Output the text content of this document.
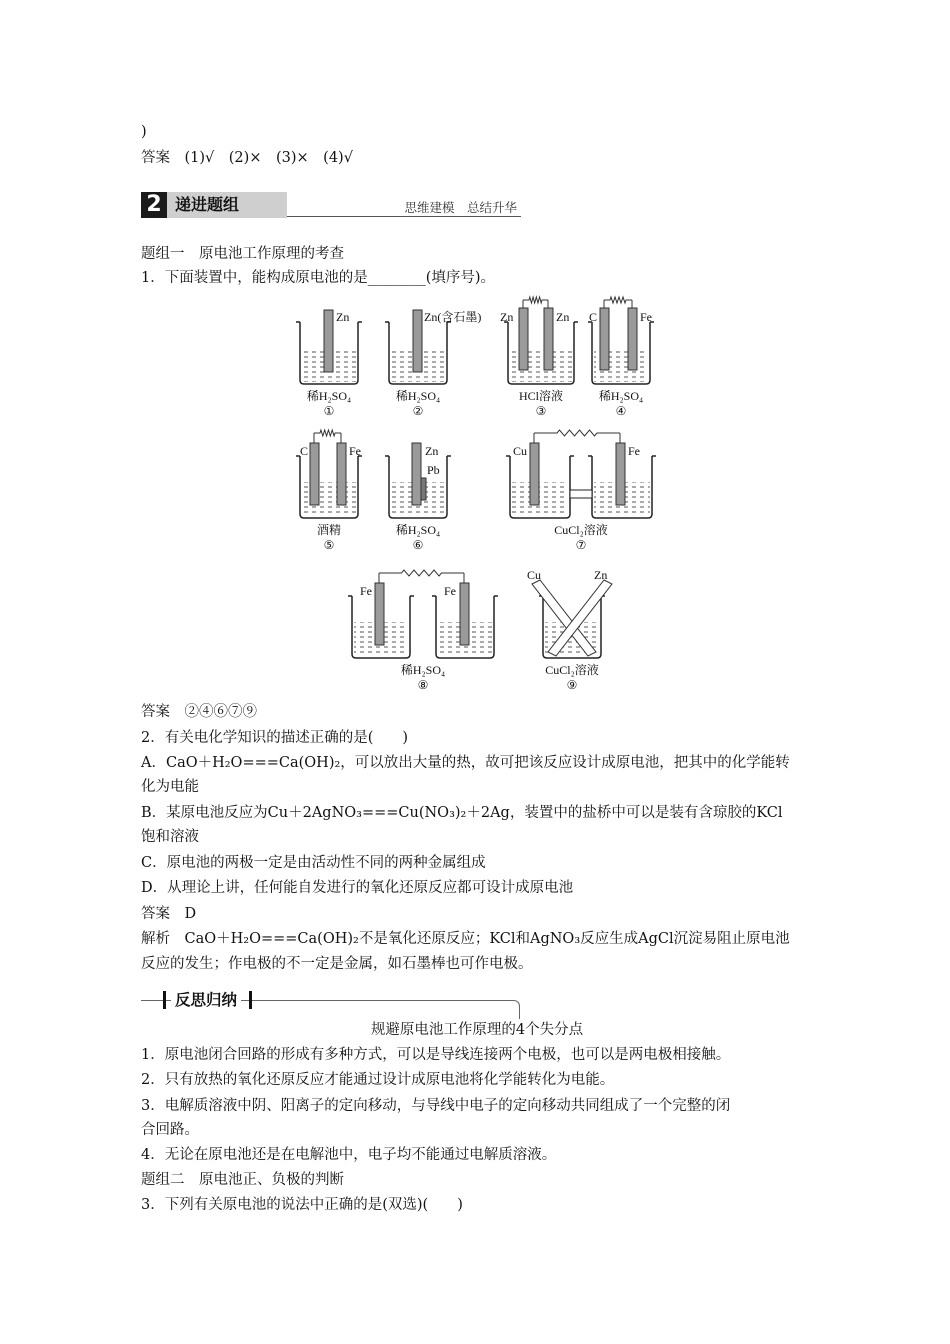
)
答案　(1)√　(2)×　(3)×　(4)√
2 递进题组	思维建模　总结升华
题组一　原电池工作原理的考查
1．下面装置中，能构成原电池的是________(填序号)。
Zn
稀H₂SO₄
①
Zn(含石墨)
稀H₂SO₄
②
Zn	Zn
HCl溶液
③
C	Fe
稀H₂SO₄
④
C	Fe
酒精
⑤
Zn
Pb
稀H₂SO₄
⑥
Cu	Fe
CuCl₂溶液
⑦
Fe	Fe
稀H₂SO₄
⑧
Cu	Zn
CuCl₂溶液
⑨
答案　②④⑥⑦⑨
2．有关电化学知识的描述正确的是(　　)
A．CaO＋H₂O===Ca(OH)₂，可以放出大量的热，故可把该反应设计成原电池，把其中的化学能转
化为电能
B．某原电池反应为Cu＋2AgNO₃===Cu(NO₃)₂＋2Ag，装置中的盐桥中可以是装有含琼胶的KCl
饱和溶液
C．原电池的两极一定是由活动性不同的两种金属组成
D．从理论上讲，任何能自发进行的氧化还原反应都可设计成原电池
答案　D
解析　CaO＋H₂O===Ca(OH)₂不是氧化还原反应；KCl和AgNO₃反应生成AgCl沉淀易阻止原电池
反应的发生；作电极的不一定是金属，如石墨棒也可作电极。
反思归纳
规避原电池工作原理的4个失分点
1．原电池闭合回路的形成有多种方式，可以是导线连接两个电极，也可以是两电极相接触。
2．只有放热的氧化还原反应才能通过设计成原电池将化学能转化为电能。
3．电解质溶液中阴、阳离子的定向移动，与导线中电子的定向移动共同组成了一个完整的闭
合回路。
4．无论在原电池还是在电解池中，电子均不能通过电解质溶液。
题组二　原电池正、负极的判断
3．下列有关原电池的说法中正确的是(双选)(　　)
